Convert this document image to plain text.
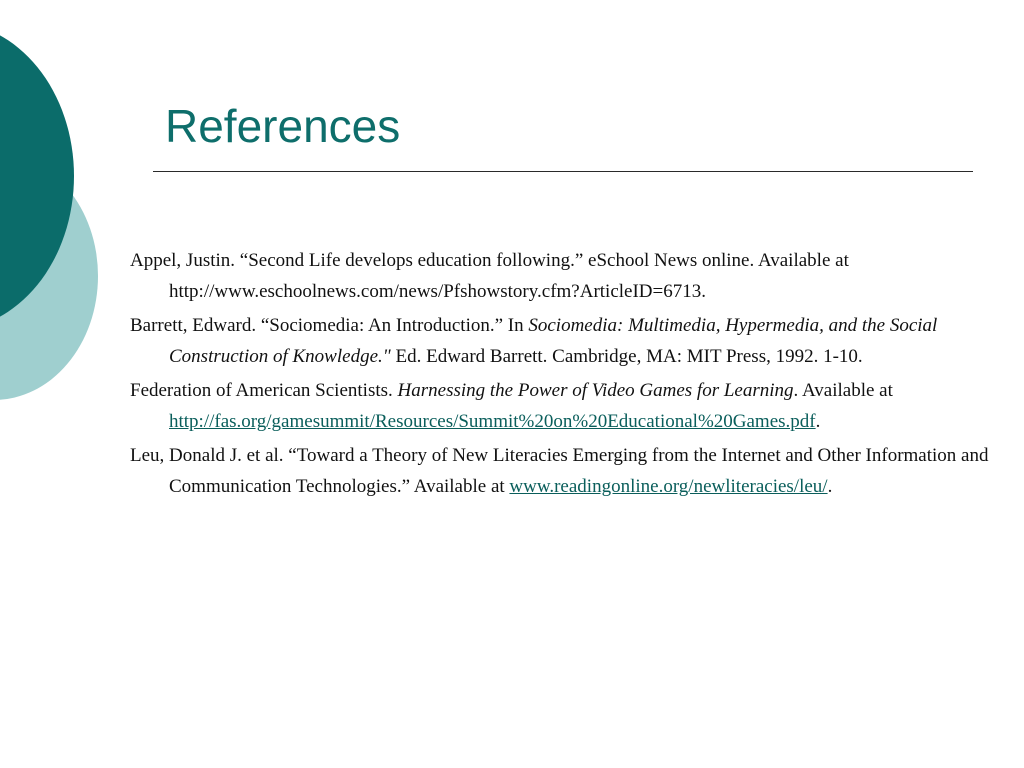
References
Appel, Justin. “Second Life develops education following.” eSchool News online. Available at http://www.eschoolnews.com/news/Pfshowstory.cfm?ArticleID=6713.
Barrett, Edward. “Sociomedia: An Introduction.” In Sociomedia: Multimedia, Hypermedia, and the Social Construction of Knowledge." Ed. Edward Barrett. Cambridge, MA: MIT Press, 1992. 1-10.
Federation of American Scientists. Harnessing the Power of Video Games for Learning. Available at http://fas.org/gamesummit/Resources/Summit%20on%20Educational%20Games.pdf.
Leu, Donald J. et al. “Toward a Theory of New Literacies Emerging from the Internet and Other Information and Communication Technologies.” Available at www.readingonline.org/newliteracies/leu/.
